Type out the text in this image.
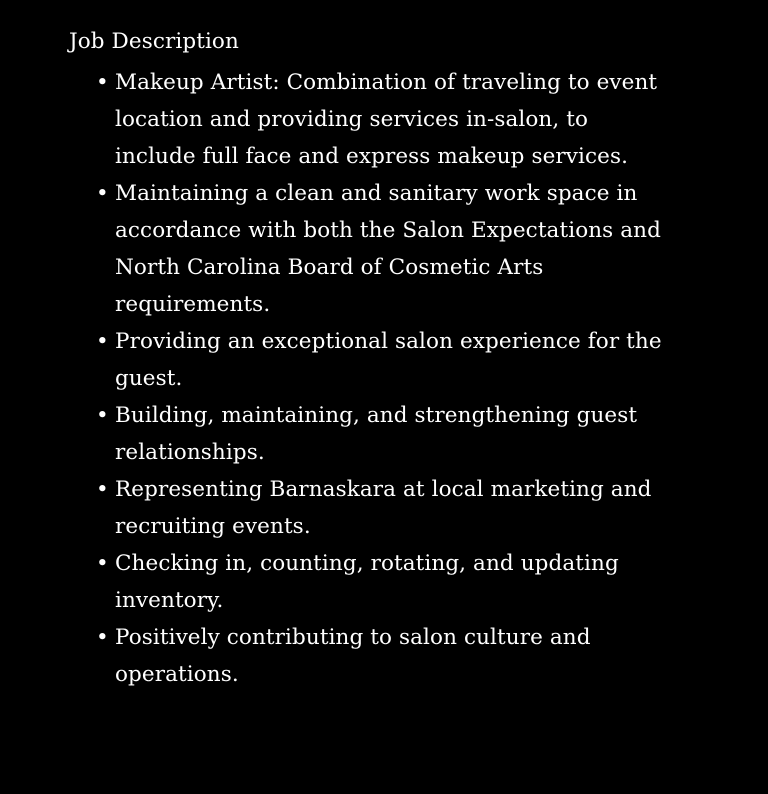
Job Description
• Makeup Artist: Combination of traveling to event location and providing services in-salon, to include full face and express makeup services.
• Maintaining a clean and sanitary work space in accordance with both the Salon Expectations and North Carolina Board of Cosmetic Arts requirements.
• Providing an exceptional salon experience for the guest.
• Building, maintaining, and strengthening guest relationships.
• Representing Barnaskara at local marketing and recruiting events.
• Checking in, counting, rotating, and updating inventory.
• Positively contributing to salon culture and operations.
